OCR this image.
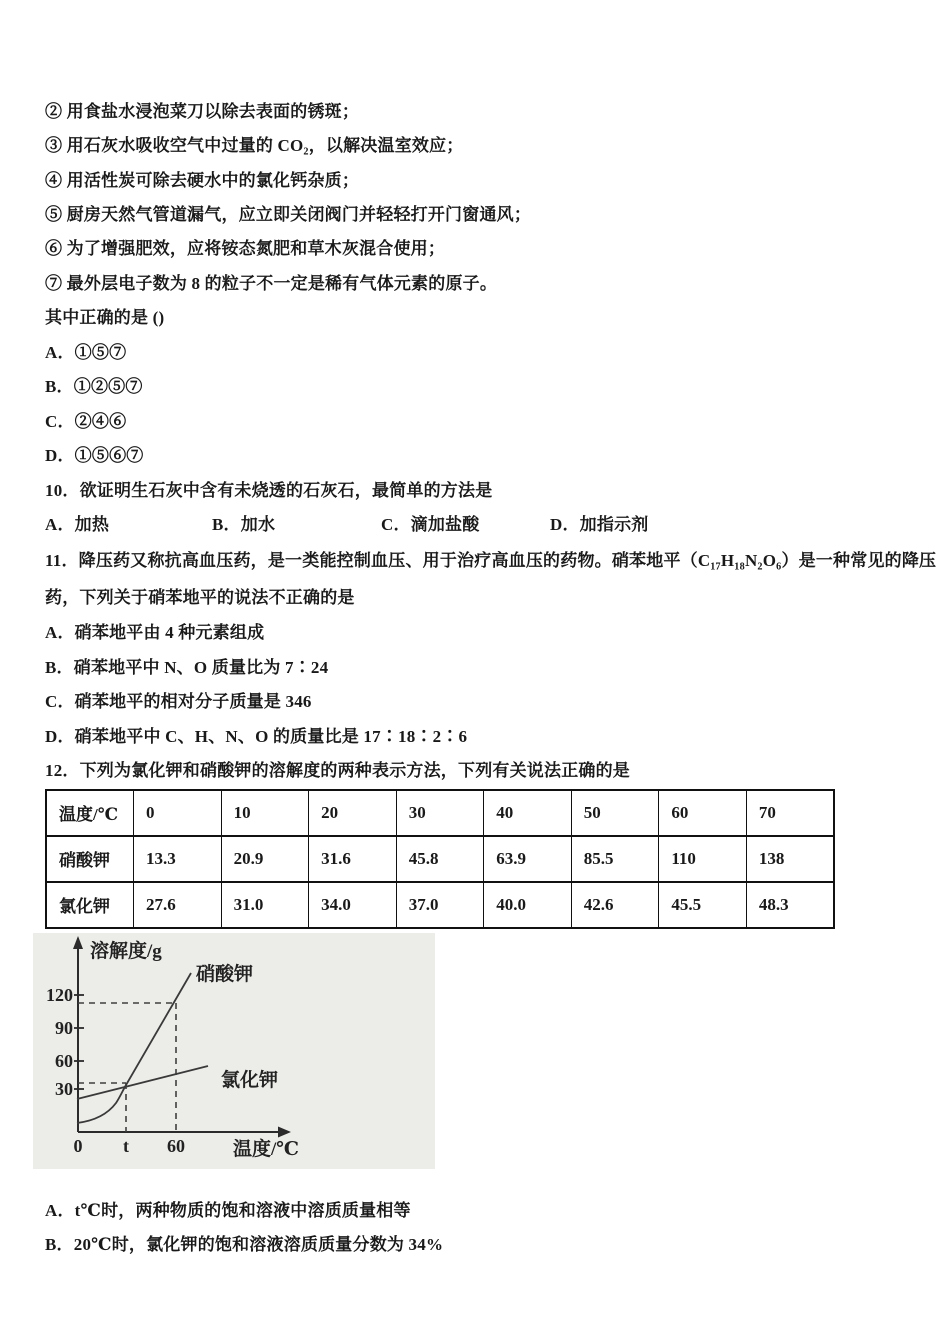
② 用食盐水浸泡菜刀以除去表面的锈斑；
③ 用石灰水吸收空气中过量的 CO₂，以解决温室效应；
④ 用活性炭可除去硬水中的氯化钙杂质；
⑤ 厨房天然气管道漏气，应立即关闭阀门并轻轻打开门窗通风；
⑥ 为了增强肥效，应将铵态氮肥和草木灰混合使用；
⑦ 最外层电子数为 8 的粒子不一定是稀有气体元素的原子。
其中正确的是 ()
A．①⑤⑦
B．①②⑤⑦
C．②④⑥
D．①⑤⑥⑦
10．欲证明生石灰中含有未烧透的石灰石，最简单的方法是
A．加热	B．加水	C．滴加盐酸	D．加指示剂
11．降压药又称抗高血压药，是一类能控制血压、用于治疗高血压的药物。硝苯地平（C₁₇H₁₈N₂O₆）是一种常见的降压
药，下列关于硝苯地平的说法不正确的是
A．硝苯地平由 4 种元素组成
B．硝苯地平中 N、O 质量比为 7∶24
C．硝苯地平的相对分子质量是 346
D．硝苯地平中 C、H、N、O 的质量比是 17∶18∶2∶6
12．下列为氯化钾和硝酸钾的溶解度的两种表示方法，下列有关说法正确的是
温度/℃	0	10	20	30	40	50	60	70
硝酸钾	13.3	20.9	31.6	45.8	63.9	85.5	110	138
氯化钾	27.6	31.0	34.0	37.0	40.0	42.6	45.5	48.3
溶解度/g
温度/℃
120
90
60
30
0 t 60
硝酸钾
氯化钾
A．t℃时，两种物质的饱和溶液中溶质质量相等
B．20℃时，氯化钾的饱和溶液溶质质量分数为 34%
